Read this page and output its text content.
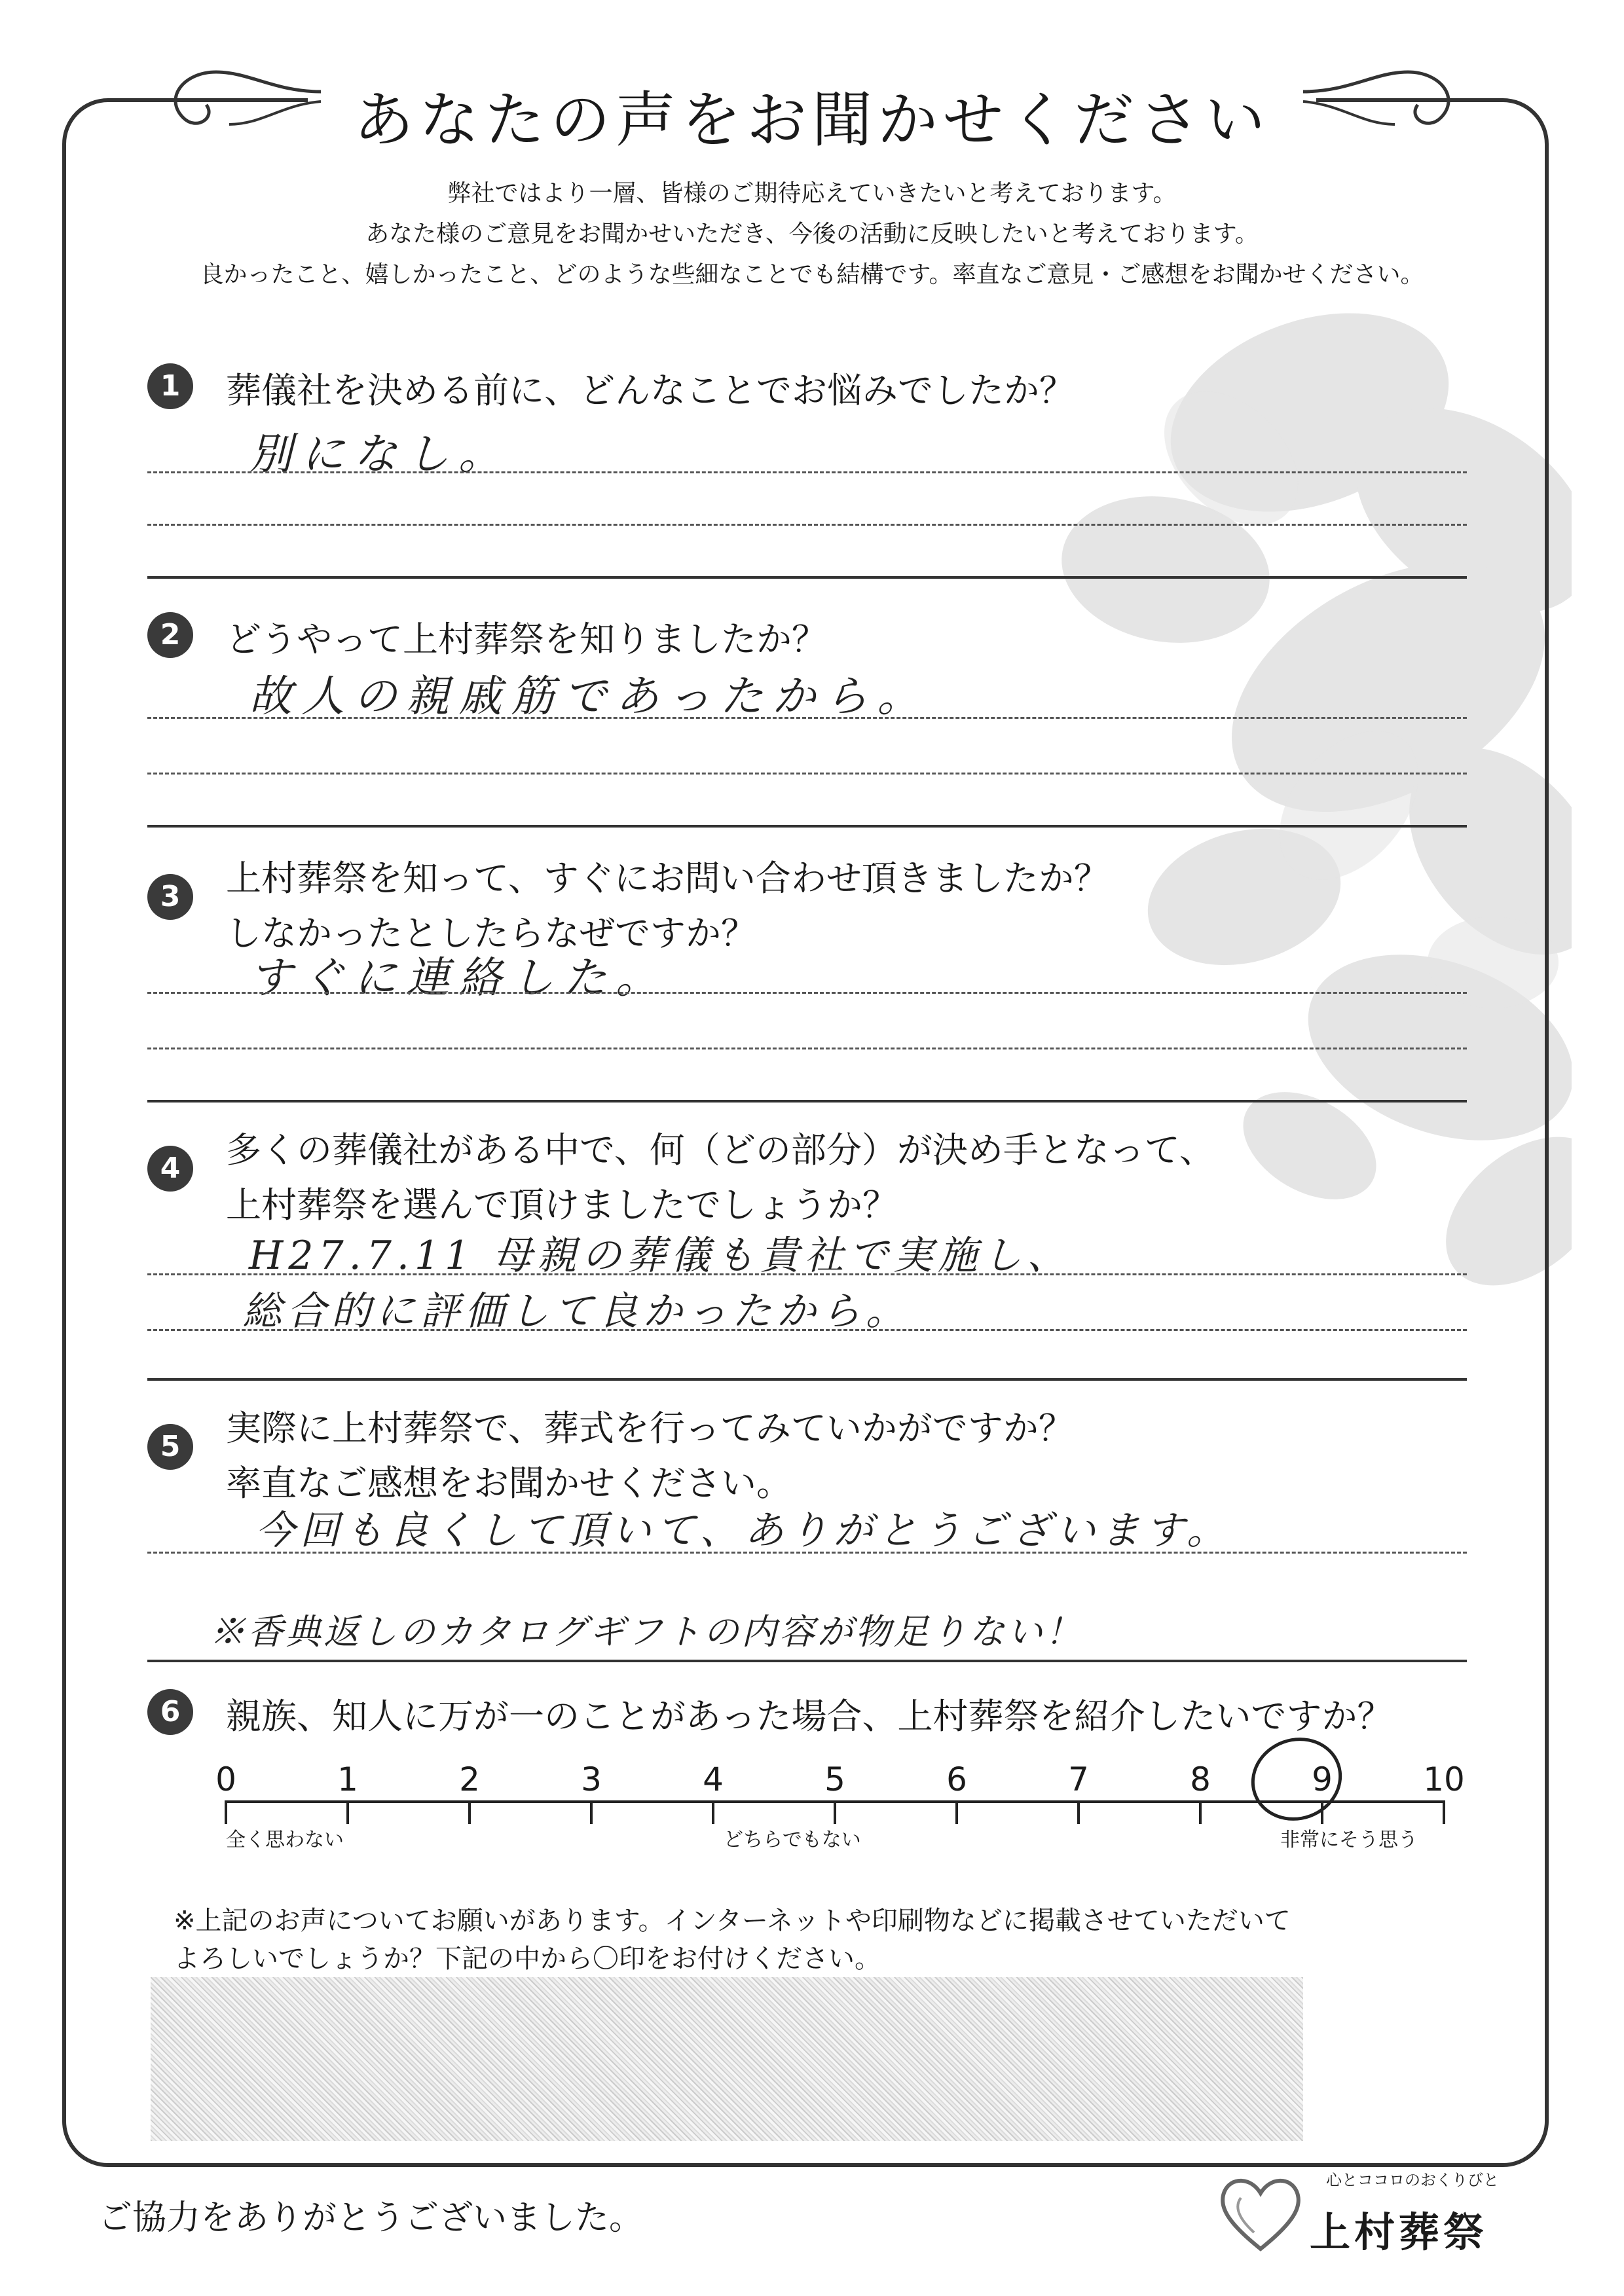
あなたの声をお聞かせください
弊社ではより一層、皆様のご期待応えていきたいと考えております。
あなた様のご意見をお聞かせいただき、今後の活動に反映したいと考えております。
良かったこと、嬉しかったこと、どのような些細なことでも結構です。率直なご意見・ご感想をお聞かせください。
1	葬儀社を決める前に、どんなことでお悩みでしたか？
別になし。
2	どうやって上村葬祭を知りましたか？
故人の親戚筋であったから。
3	上村葬祭を知って、すぐにお問い合わせ頂きましたか？
しなかったとしたらなぜですか？
すぐに連絡した。
4	多くの葬儀社がある中で、何（どの部分）が決め手となって、
上村葬祭を選んで頂けましたでしょうか？
H27.7.11 母親の葬儀も貴社で実施し、
総合的に評価して良かったから。
5	実際に上村葬祭で、葬式を行ってみていかがですか？
率直なご感想をお聞かせください。
今回も良くして頂いて、ありがとうございます。
※香典返しのカタログギフトの内容が物足りない！
6	親族、知人に万が一のことがあった場合、上村葬祭を紹介したいですか？
0	1	2	3	4	5	6	7	8	9	10
全く思わない	どちらでもない	非常にそう思う
※上記のお声についてお願いがあります。インターネットや印刷物などに掲載させていただいて
よろしいでしょうか？下記の中から〇印をお付けください。
ご協力をありがとうございました。
心とココロのおくりびと
上村葬祭
